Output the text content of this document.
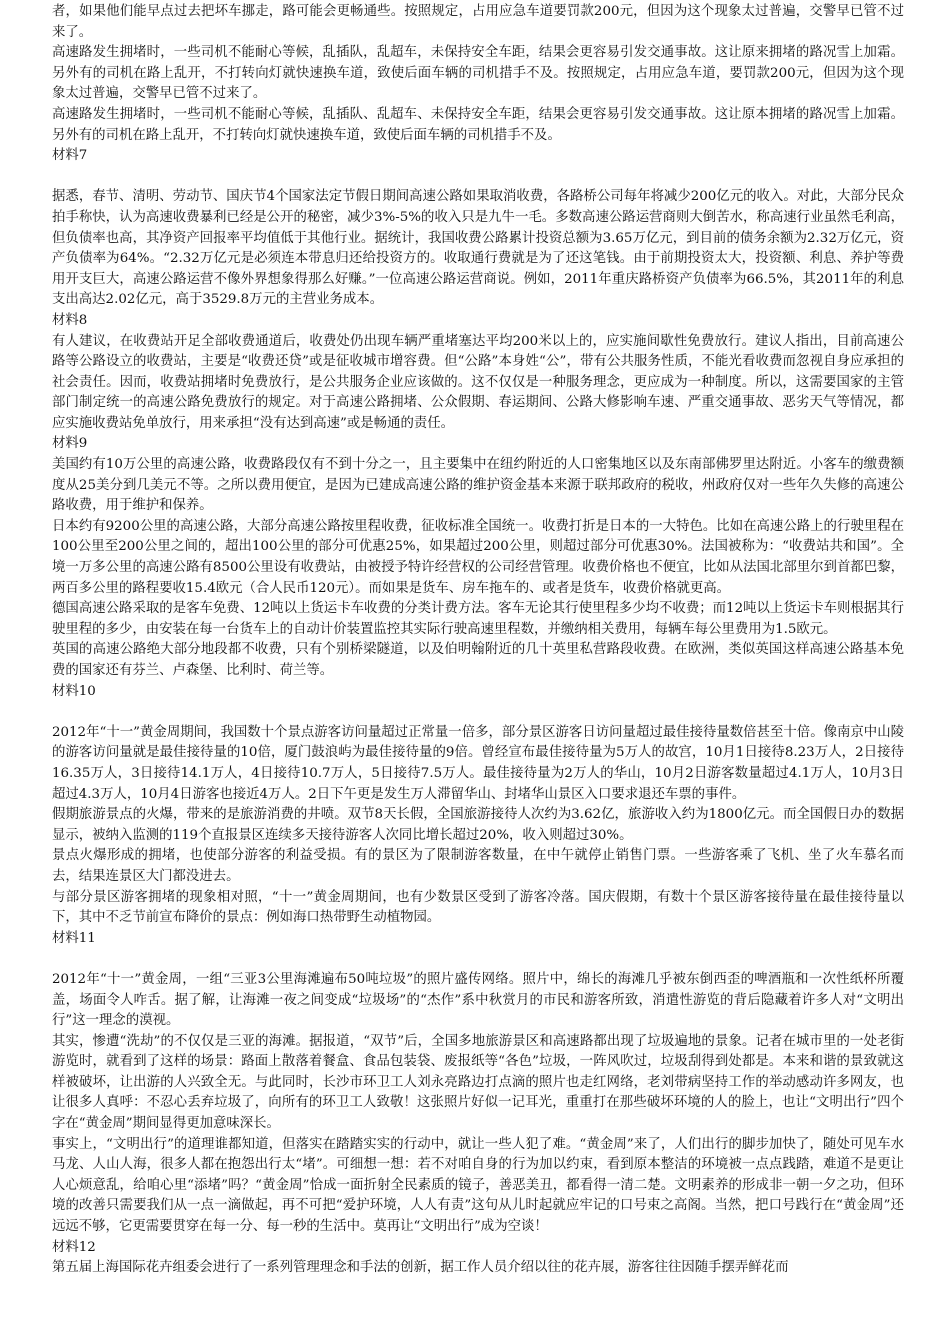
者，如果他们能早点过去把坏车挪走，路可能会更畅通些。按照规定，占用应急车道要罚款200元，但因为这个现象太过普遍，交警早已管不过来了。
高速路发生拥堵时，一些司机不能耐心等候，乱插队，乱超车，未保持安全车距，结果会更容易引发交通事故。这让原来拥堵的路况雪上加霜。另外有的司机在路上乱开，不打转向灯就快速换车道，致使后面车辆的司机措手不及。按照规定，占用应急车道，要罚款200元，但因为这个现象太过普遍，交警早已管不过来了。
高速路发生拥堵时，一些司机不能耐心等候，乱插队、乱超车、未保持安全车距，结果会更容易引发交通事故。这让原本拥堵的路况雪上加霜。另外有的司机在路上乱开，不打转向灯就快速换车道，致使后面车辆的司机措手不及。
材料7
据悉，春节、清明、劳动节、国庆节4个国家法定节假日期间高速公路如果取消收费，各路桥公司每年将减少200亿元的收入。对此，大部分民众拍手称快，认为高速收费暴利已经是公开的秘密，减少3%-5%的收入只是九牛一毛。多数高速公路运营商则大倒苦水，称高速行业虽然毛利高，但负债率也高，其净资产回报率平均值低于其他行业。据统计，我国收费公路累计投资总额为3.65万亿元，到目前的债务余额为2.32万亿元，资产负债率为64%。“2.32万亿元是必须连本带息归还给投资方的。收取通行费就是为了还这笔钱。由于前期投资太大，投资额、利息、养护等费用开支巨大，高速公路运营不像外界想象得那么好赚。”一位高速公路运营商说。例如，2011年重庆路桥资产负债率为66.5%，其2011年的利息支出高达2.02亿元，高于3529.8万元的主营业务成本。
材料8
有人建议，在收费站开足全部收费通道后，收费处仍出现车辆严重堵塞达平均200米以上的，应实施间歇性免费放行。建议人指出，目前高速公路等公路设立的收费站，主要是“收费还贷”或是征收城市增容费。但“公路”本身姓“公”，带有公共服务性质，不能光看收费而忽视自身应承担的社会责任。因而，收费站拥堵时免费放行，是公共服务企业应该做的。这不仅仅是一种服务理念，更应成为一种制度。所以，这需要国家的主管部门制定统一的高速公路免费放行的规定。对于高速公路拥堵、公众假期、春运期间、公路大修影响车速、严重交通事故、恶劣天气等情况，都应实施收费站免单放行，用来承担“没有达到高速”或是畅通的责任。
材料9
美国约有10万公里的高速公路，收费路段仅有不到十分之一，且主要集中在纽约附近的人口密集地区以及东南部佛罗里达附近。小客车的缴费额度从25美分到几美元不等。之所以费用便宜，是因为已建成高速公路的维护资金基本来源于联邦政府的税收，州政府仅对一些年久失修的高速公路收费，用于维护和保养。
日本约有9200公里的高速公路，大部分高速公路按里程收费，征收标准全国统一。收费打折是日本的一大特色。比如在高速公路上的行驶里程在100公里至200公里之间的，超出100公里的部分可优惠25%，如果超过200公里，则超过部分可优惠30%。法国被称为：“收费站共和国”。全境一万多公里的高速公路有8500公里设有收费站，由被授予特许经营权的公司经营管理。收费价格也不便宜，比如从法国北部里尔到首都巴黎，两百多公里的路程要收15.4欧元（合人民币120元）。而如果是货车、房车拖车的、或者是货车，收费价格就更高。
德国高速公路采取的是客车免费、12吨以上货运卡车收费的分类计费方法。客车无论其行使里程多少均不收费；而12吨以上货运卡车则根据其行驶里程的多少，由安装在每一台货车上的自动计价装置监控其实际行驶高速里程数，并缴纳相关费用，每辆车每公里费用为1.5欧元。
英国的高速公路绝大部分地段都不收费，只有个别桥梁隧道，以及伯明翰附近的几十英里私营路段收费。在欧洲，类似英国这样高速公路基本免费的国家还有芬兰、卢森堡、比利时、荷兰等。
材料10
2012年“十一”黄金周期间，我国数十个景点游客访问量超过正常量一倍多，部分景区游客日访问量超过最佳接待量数倍甚至十倍。像南京中山陵的游客访问量就是最佳接待量的10倍，厦门鼓浪屿为最佳接待量的9倍。曾经宣布最佳接待量为5万人的故宫，10月1日接待8.23万人，2日接待16.35万人，3日接待14.1万人，4日接待10.7万人，5日接待7.5万人。最佳接待量为2万人的华山，10月2日游客数量超过4.1万人，10月3日超过4.3万人，10月4日游客也接近4万人。2日下午更是发生万人滞留华山、封堵华山景区入口要求退还车票的事件。
假期旅游景点的火爆，带来的是旅游消费的井喷。双节8天长假，全国旅游接待人次约为3.62亿，旅游收入约为1800亿元。而全国假日办的数据显示，被纳入监测的119个直报景区连续多天接待游客人次同比增长超过20%，收入则超过30%。
景点火爆形成的拥堵，也使部分游客的利益受损。有的景区为了限制游客数量，在中午就停止销售门票。一些游客乘了飞机、坐了火车慕名而去，结果连景区大门都没进去。
与部分景区游客拥堵的现象相对照，“十一”黄金周期间，也有少数景区受到了游客冷落。国庆假期，有数十个景区游客接待量在最佳接待量以下，其中不乏节前宣布降价的景点：例如海口热带野生动植物园。
材料11
2012年“十一”黄金周，一组“三亚3公里海滩遍布50吨垃圾”的照片盛传网络。照片中，绵长的海滩几乎被东倒西歪的啤酒瓶和一次性纸杯所覆盖，场面令人咋舌。据了解，让海滩一夜之间变成“垃圾场”的“杰作”系中秋赏月的市民和游客所致，消遣性游览的背后隐藏着许多人对“文明出行”这一理念的漠视。
其实，惨遭“洗劫”的不仅仅是三亚的海滩。据报道，“双节”后，全国多地旅游景区和高速路都出现了垃圾遍地的景象。记者在城市里的一处老街游览时，就看到了这样的场景：路面上散落着餐盒、食品包装袋、废报纸等“各色”垃圾，一阵风吹过，垃圾刮得到处都是。本来和谐的景致就这样被破坏，让出游的人兴致全无。与此同时，长沙市环卫工人刘永亮路边打点滴的照片也走红网络，老刘带病坚持工作的举动感动许多网友，也让很多人真呼：不忍心丢弃垃圾了，向所有的环卫工人致敬！这张照片好似一记耳光，重重打在那些破坏环境的人的脸上，也让“文明出行”四个字在“黄金周”期间显得更加意味深长。
事实上，“文明出行”的道理谁都知道，但落实在踏踏实实的行动中，就让一些人犯了难。“黄金周”来了，人们出行的脚步加快了，随处可见车水马龙、人山人海，很多人都在抱怨出行太“堵”。可细想一想：若不对咱自身的行为加以约束，看到原本整洁的环境被一点点践踏，难道不是更让人心烦意乱，给咱心里“添堵”吗？“黄金周”恰成一面折射全民素质的镜子，善恶美丑，都看得一清二楚。文明素养的形成非一朝一夕之功，但环境的改善只需要我们从一点一滴做起，再不可把“爱护环境，人人有责”这句从儿时起就应牢记的口号束之高阁。当然，把口号践行在“黄金周”还远远不够，它更需要贯穿在每一分、每一秒的生活中。莫再让“文明出行”成为空谈！
材料12
第五届上海国际花卉组委会进行了一系列管理理念和手法的创新，据工作人员介绍以往的花卉展，游客往往因随手摆弄鲜花而
